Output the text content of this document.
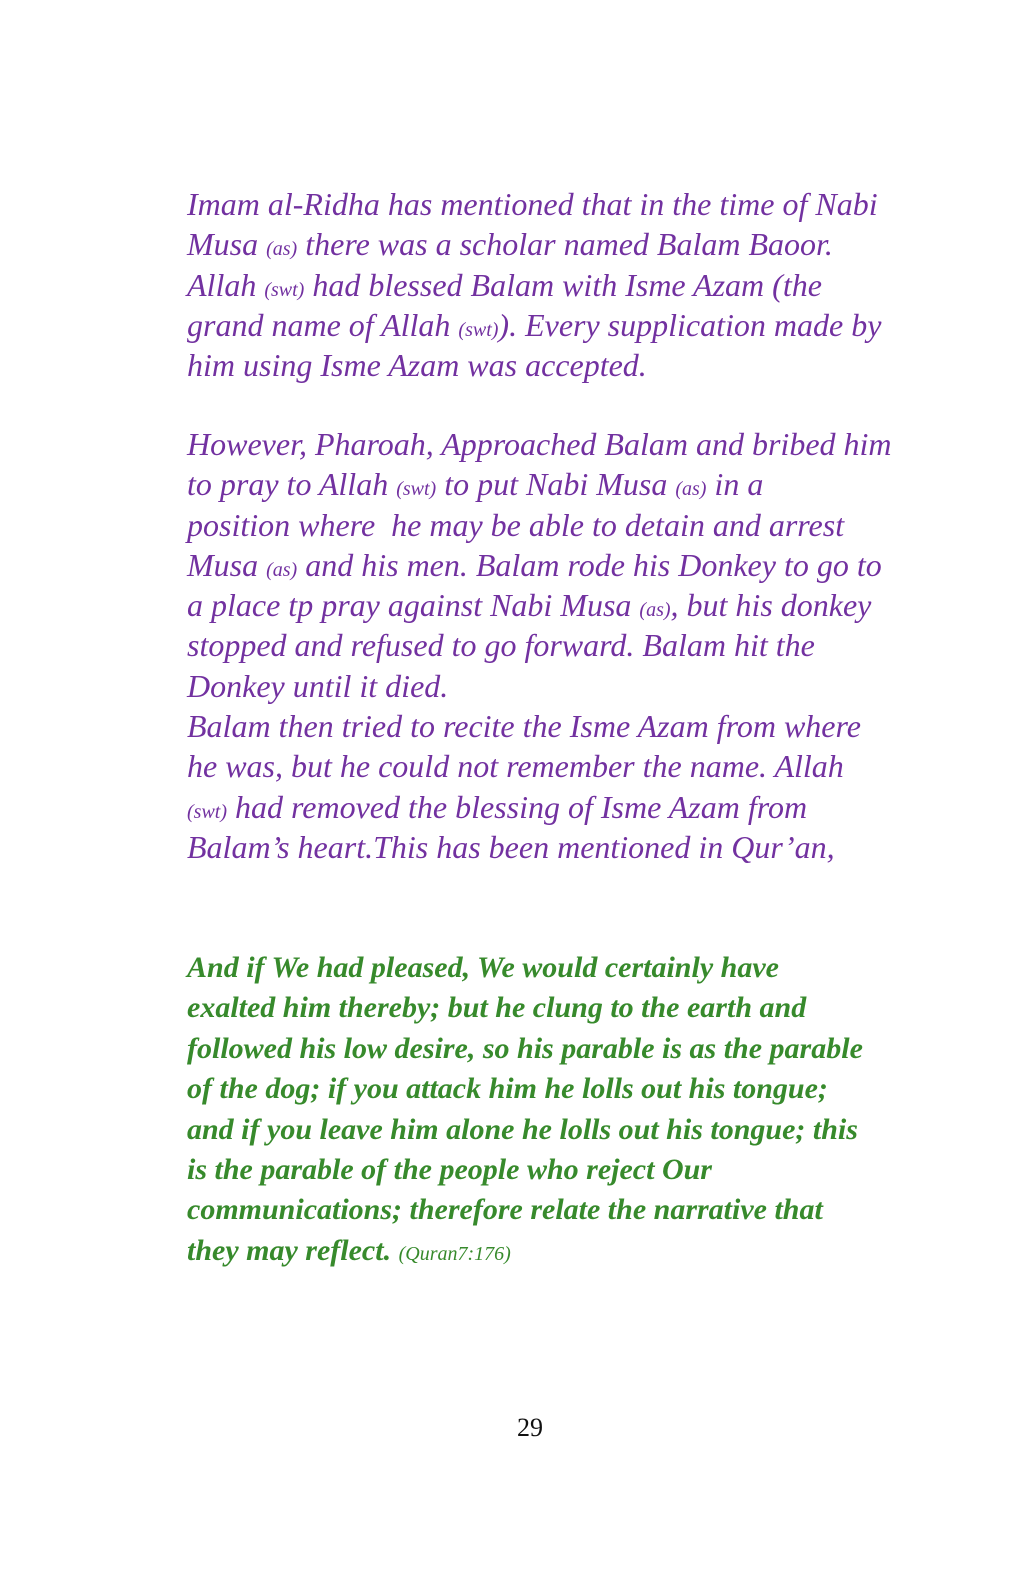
Imam al-Ridha has mentioned that in the time of Nabi
Musa (as) there was a scholar named Balam Baoor.
Allah (swt) had blessed Balam with Isme Azam (the
grand name of Allah (swt)). Every supplication made by
him using Isme Azam was accepted.
However, Pharoah, Approached Balam and bribed him
to pray to Allah (swt) to put Nabi Musa (as) in a
position where  he may be able to detain and arrest
Musa (as) and his men. Balam rode his Donkey to go to
a place tp pray against Nabi Musa (as), but his donkey
stopped and refused to go forward. Balam hit the
Donkey until it died.
Balam then tried to recite the Isme Azam from where
he was, but he could not remember the name. Allah
(swt) had removed the blessing of Isme Azam from
Balam’s heart.This has been mentioned in Qur’an,
And if We had pleased, We would certainly have
exalted him thereby; but he clung to the earth and
followed his low desire, so his parable is as the parable
of the dog; if you attack him he lolls out his tongue;
and if you leave him alone he lolls out his tongue; this
is the parable of the people who reject Our
communications; therefore relate the narrative that
they may reflect. (Quran7:176)
29
